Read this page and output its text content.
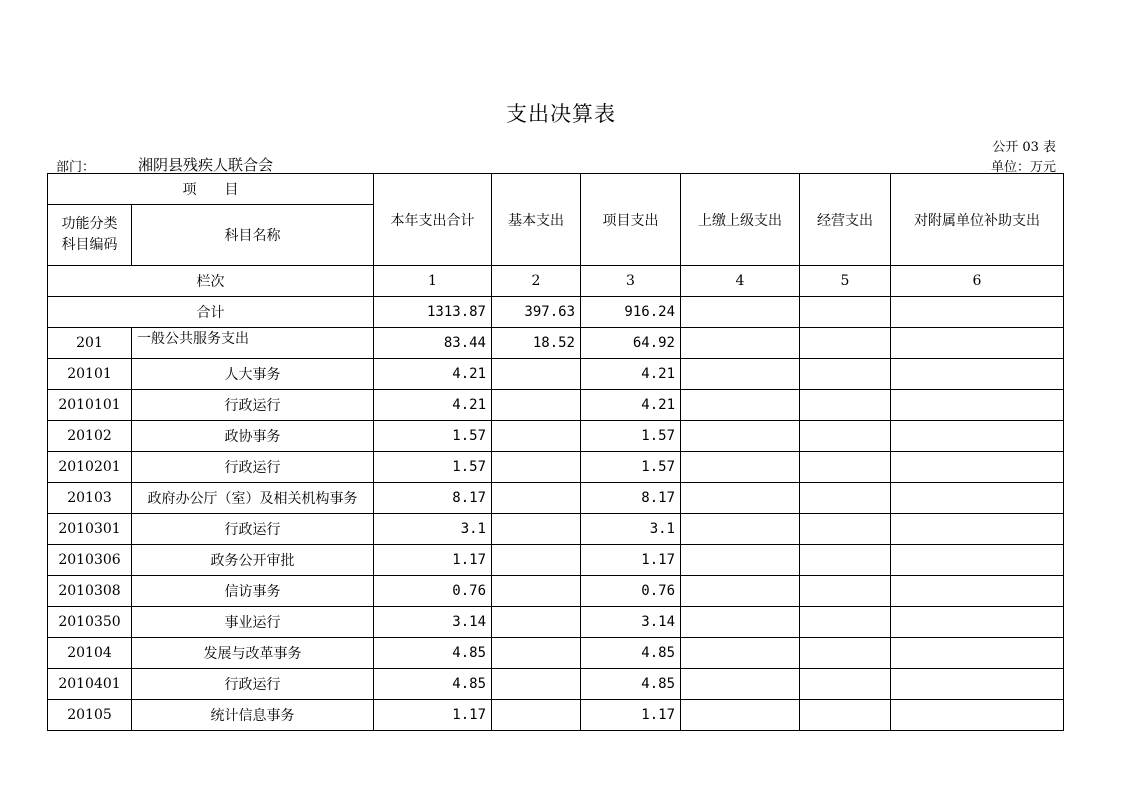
支出决算表
公开 03 表
部门：	湘阴县残疾人联合会	单位：万元
项　　目		本年支出合计	基本支出	项目支出	上缴上级支出	经营支出	对附属单位补助支出
功能分类
科目编码	科目名称						
栏次		1	2	3	4	5	6
合计		1313.87	397.63	916.24			
201	一般公共服务支出	83.44	18.52	64.92			
20101	人大事务	4.21		4.21			
2010101	行政运行	4.21		4.21			
20102	政协事务	1.57		1.57			
2010201	行政运行	1.57		1.57			
20103	政府办公厅（室）及相关机构事务	8.17		8.17			
2010301	行政运行	3.1		3.1			
2010306	政务公开审批	1.17		1.17			
2010308	信访事务	0.76		0.76			
2010350	事业运行	3.14		3.14			
20104	发展与改革事务	4.85		4.85			
2010401	行政运行	4.85		4.85			
20105	统计信息事务	1.17		1.17			
